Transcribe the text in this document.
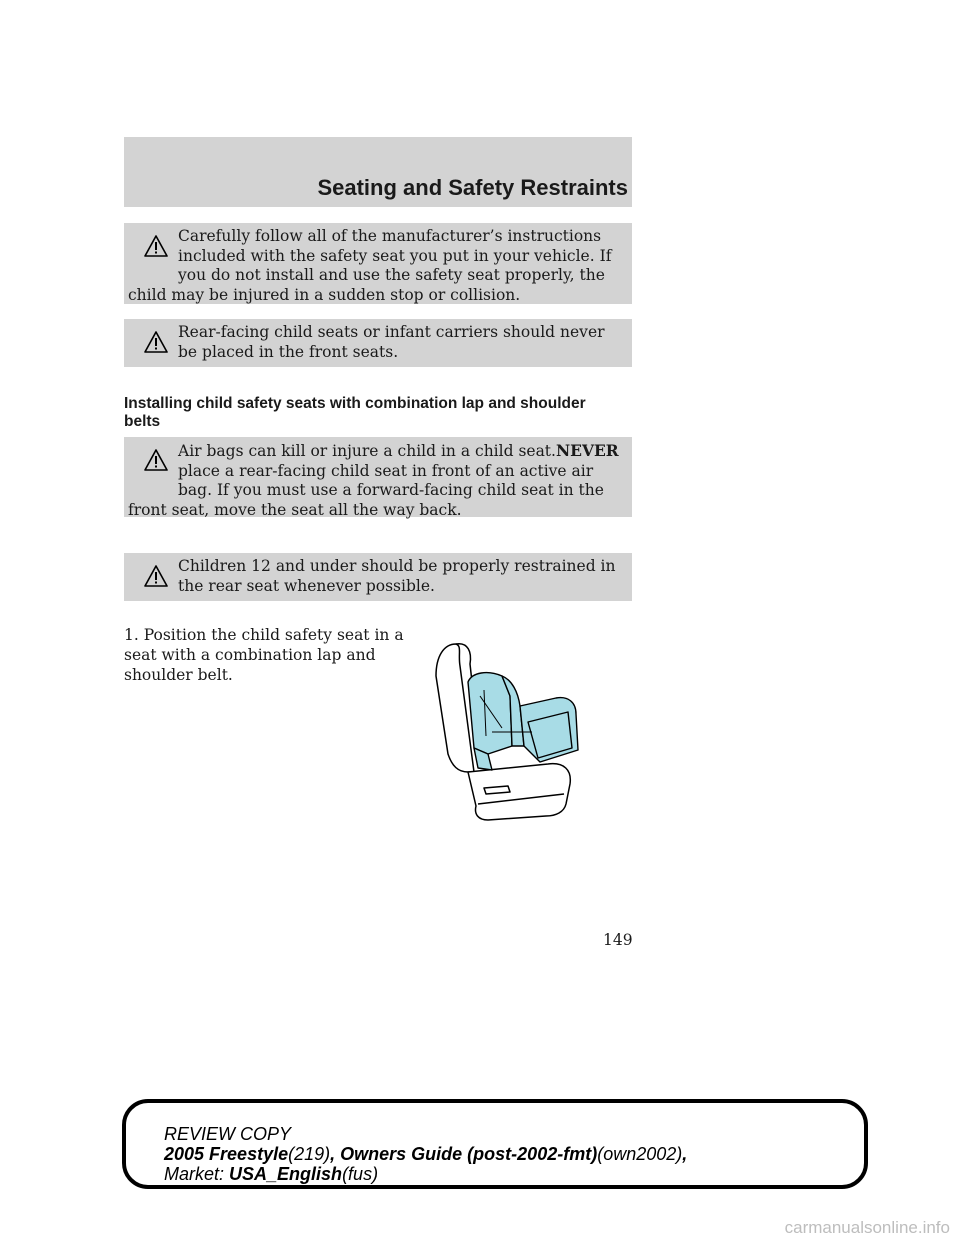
Seating and Safety Restraints
Carefully follow all of the manufacturer’s instructions included with the safety seat you put in your vehicle. If you do not install and use the safety seat properly, the child may be injured in a sudden stop or collision.
Rear-facing child seats or infant carriers should never be placed in the front seats.
Installing child safety seats with combination lap and shoulder belts
Air bags can kill or injure a child in a child seat.NEVER place a rear-facing child seat in front of an active air bag. If you must use a forward-facing child seat in the front seat, move the seat all the way back.
Children 12 and under should be properly restrained in the rear seat whenever possible.
1. Position the child safety seat in a seat with a combination lap and shoulder belt.
149
REVIEW COPY
2005 Freestyle(219), Owners Guide (post-2002-fmt)(own2002),
Market: USA_English(fus)
carmanualsonline.info
